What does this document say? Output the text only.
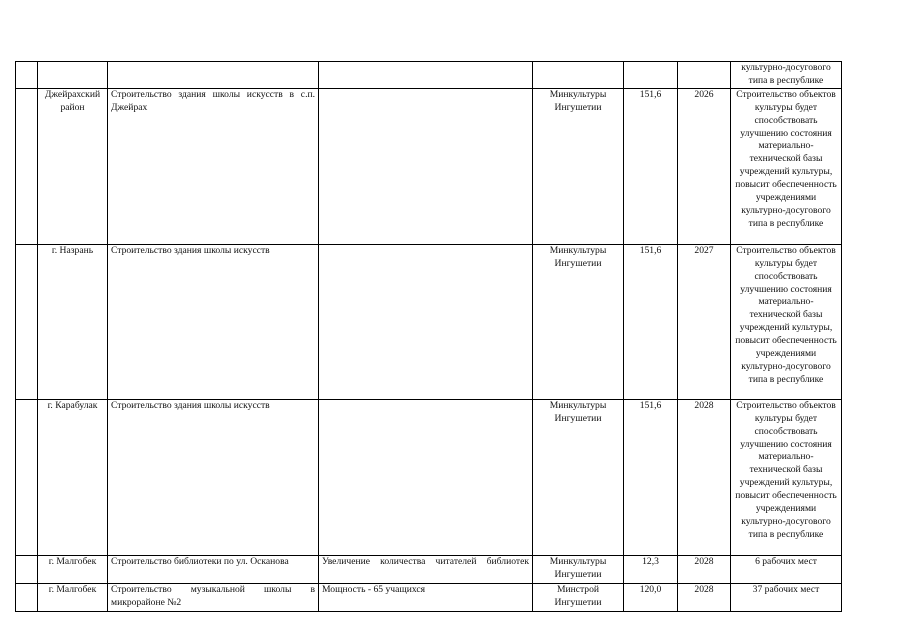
							культурно-досугового типа в республике
	Джейрахский район	Строительство здания школы искусств в с.п. Джейрах		Минкультуры Ингушетии	151,6	2026	Строительство объектов культуры будет способствовать улучшению состояния материально-технической базы учреждений культуры, повысит обеспеченность учреждениями культурно-досугового типа в республике
	г. Назрань	Строительство здания школы искусств		Минкультуры Ингушетии	151,6	2027	Строительство объектов культуры будет способствовать улучшению состояния материально-технической базы учреждений культуры, повысит обеспеченность учреждениями культурно-досугового типа в республике
	г. Карабулак	Строительство здания школы искусств		Минкультуры Ингушетии	151,6	2028	Строительство объектов культуры будет способствовать улучшению состояния материально-технической базы учреждений культуры, повысит обеспеченность учреждениями культурно-досугового типа в республике
	г. Малгобек	Строительство библиотеки по ул. Осканова	Увеличение количества читателей библиотек	Минкультуры Ингушетии	12,3	2028	6 рабочих мест
	г. Малгобек	Строительство музыкальной школы в микрорайоне №2	Мощность - 65 учащихся	Минстрой Ингушетии	120,0	2028	37 рабочих мест
